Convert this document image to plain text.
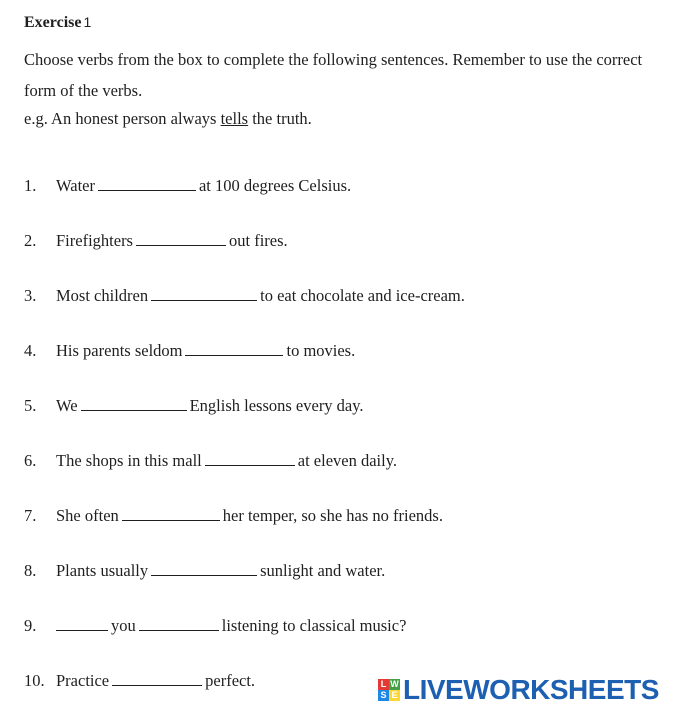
Exercise 1
Choose verbs from the box to complete the following sentences. Remember to use the correct form of the verbs.
e.g. An honest person always tells the truth.
1. Water	at 100 degrees Celsius.
2. Firefighters	out fires.
3. Most children	to eat chocolate and ice-cream.
4. His parents seldom	to movies.
5. We	English lessons every day.
6. The shops in this mall	at eleven daily.
7. She often	her temper, so she has no friends.
8. Plants usually	sunlight and water.
9.	you	listening to classical music?
10. Practice	perfect.	L W
S E LIVEWORKSHEETS
